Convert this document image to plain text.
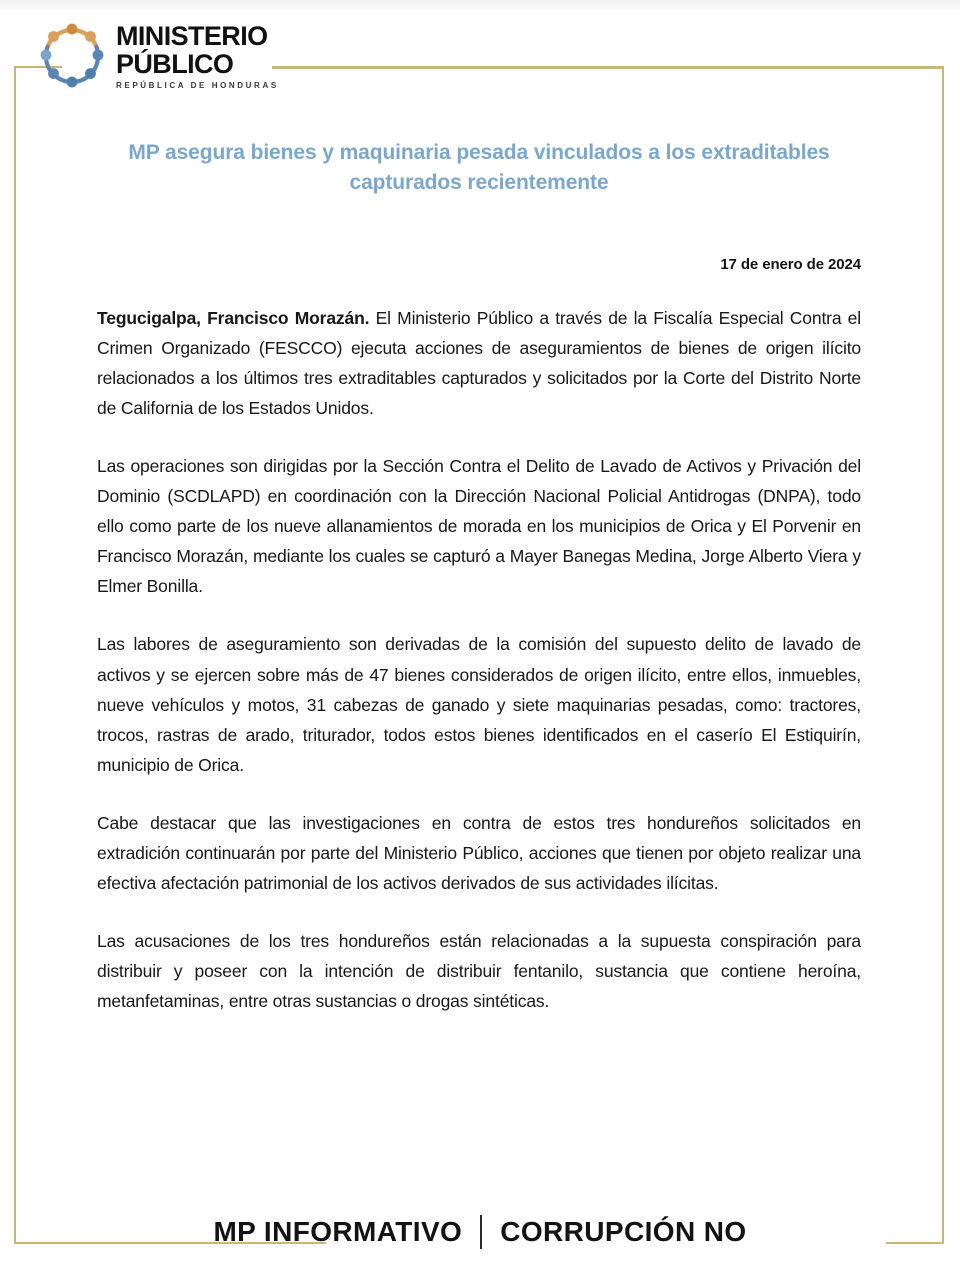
MINISTERIO
PÚBLICO
REPÚBLICA DE HONDURAS
MP asegura bienes y maquinaria pesada vinculados a los extraditables capturados recientemente
17 de enero de 2024

Tegucigalpa, Francisco Morazán. El Ministerio Público a través de la Fiscalía Especial Contra el Crimen Organizado (FESCCO) ejecuta acciones de aseguramientos de bienes de origen ilícito relacionados a los últimos tres extraditables capturados y solicitados por la Corte del Distrito Norte de California de los Estados Unidos.

Las operaciones son dirigidas por la Sección Contra el Delito de Lavado de Activos y Privación del Dominio (SCDLAPD) en coordinación con la Dirección Nacional Policial Antidrogas (DNPA), todo ello como parte de los nueve allanamientos de morada en los municipios de Orica y El Porvenir en Francisco Morazán, mediante los cuales se capturó a Mayer Banegas Medina, Jorge Alberto Viera y Elmer Bonilla.

Las labores de aseguramiento son derivadas de la comisión del supuesto delito de lavado de activos y se ejercen sobre más de 47 bienes considerados de origen ilícito, entre ellos, inmuebles, nueve vehículos y motos, 31 cabezas de ganado y siete maquinarias pesadas, como: tractores, trocos, rastras de arado, triturador, todos estos bienes identificados en el caserío El Estiquirín, municipio de Orica.

Cabe destacar que las investigaciones en contra de estos tres hondureños solicitados en extradición continuarán por parte del Ministerio Público, acciones que tienen por objeto realizar una efectiva afectación patrimonial de los activos derivados de sus actividades ilícitas.

Las acusaciones de los tres hondureños están relacionadas a la supuesta conspiración para distribuir y poseer con la intención de distribuir fentanilo, sustancia que contiene heroína, metanfetaminas, entre otras sustancias o drogas sintéticas.

MP INFORMATIVO CORRUPCIÓN NO
